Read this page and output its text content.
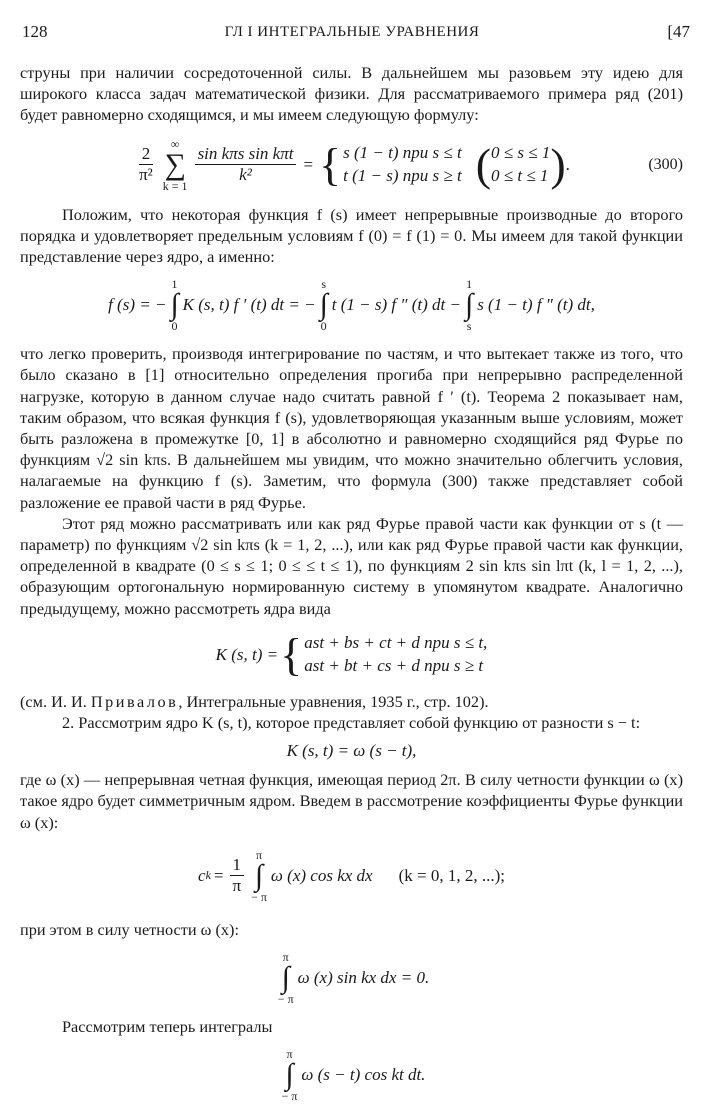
128	ГЛ I ИНТЕГРАЛЬНЫЕ УРАВНЕНИЯ	[47

струны при наличии сосредоточенной силы. В дальнейшем мы разовьем эту идею для широкого класса задач математической физики. Для рассматриваемого примера ряд (201) будет равномерно сходящимся, и мы имеем следующую формулу:

$\frac{2}{\text{π²}}$
∞
∑
k = 1
$\frac{\text{sin kπs sin kπt}}{\text{k²}}$ = { s (1 − t) при s ≤ t
t (1 − s) при s ≥ t ( 0 ≤ s ≤ 1
0 ≤ t ≤ 1 ) .	(300)

Положим, что некоторая функция f (s) имеет непрерывные производные до второго порядка и удовлетворяет предельным условиям f (0) = f (1) = 0. Мы имеем для такой функции представление через ядро, а именно:

f (s) = −
1
∫
0
K (s, t) f ′ (t) dt = −
s
∫
0
t (1 − s) f ″ (t) dt −
1
∫
s
s (1 − t) f ″ (t) dt,

что легко проверить, производя интегрирование по частям, и что вытекает также из того, что было сказано в [1] относительно определения прогиба при непрерывно распределенной нагрузке, которую в данном случае надо считать равной f ′ (t). Теорема 2 показывает нам, таким образом, что всякая функция f (s), удовлетворяющая указанным выше условиям, может быть разложена в промежутке [0, 1] в абсолютно и равномерно сходящийся ряд Фурье по функциям √2 sin kπs. В дальнейшем мы увидим, что можно значительно облегчить условия, налагаемые на функцию f (s). Заметим, что формула (300) также представляет собой разложение ее правой части в ряд Фурье.

Этот ряд можно рассматривать или как ряд Фурье правой части как функции от s (t — параметр) по функциям √2 sin kπs (k = 1, 2, ...), или как ряд Фурье правой части как функции, определенной в квадрате (0 ≤ s ≤ 1; 0 ≤ ≤ t ≤ 1), по функциям 2 sin kπs sin lπt (k, l = 1, 2, ...), образующим ортогональную нормированную систему в упомянутом квадрате. Аналогично предыдущему, можно рассмотреть ядра вида

K (s, t) = { ast + bs + ct + d при s ≤ t,
ast + bt + cs + d при s ≥ t

(см. И. И. Привалов, Интегральные уравнения, 1935 г., стр. 102).

2. Рассмотрим ядро K (s, t), которое представляет собой функцию от разности s − t:

K (s, t) = ω (s − t),

где ω (x) — непрерывная четная функция, имеющая период 2π. В силу четности функции ω (x) такое ядро будет симметричным ядром. Введем в рассмотрение коэффициенты Фурье функции ω (x):

c $k = \frac{1}{\pi}$
π
∫
− π
ω (x) cos kx dx (k = 0, 1, 2, ...);

при этом в силу четности ω (x):

π
∫
− π
ω (x) sin kx dx = 0.

Рассмотрим теперь интегралы

π
∫
− π
ω (s − t) cos kt dt.
